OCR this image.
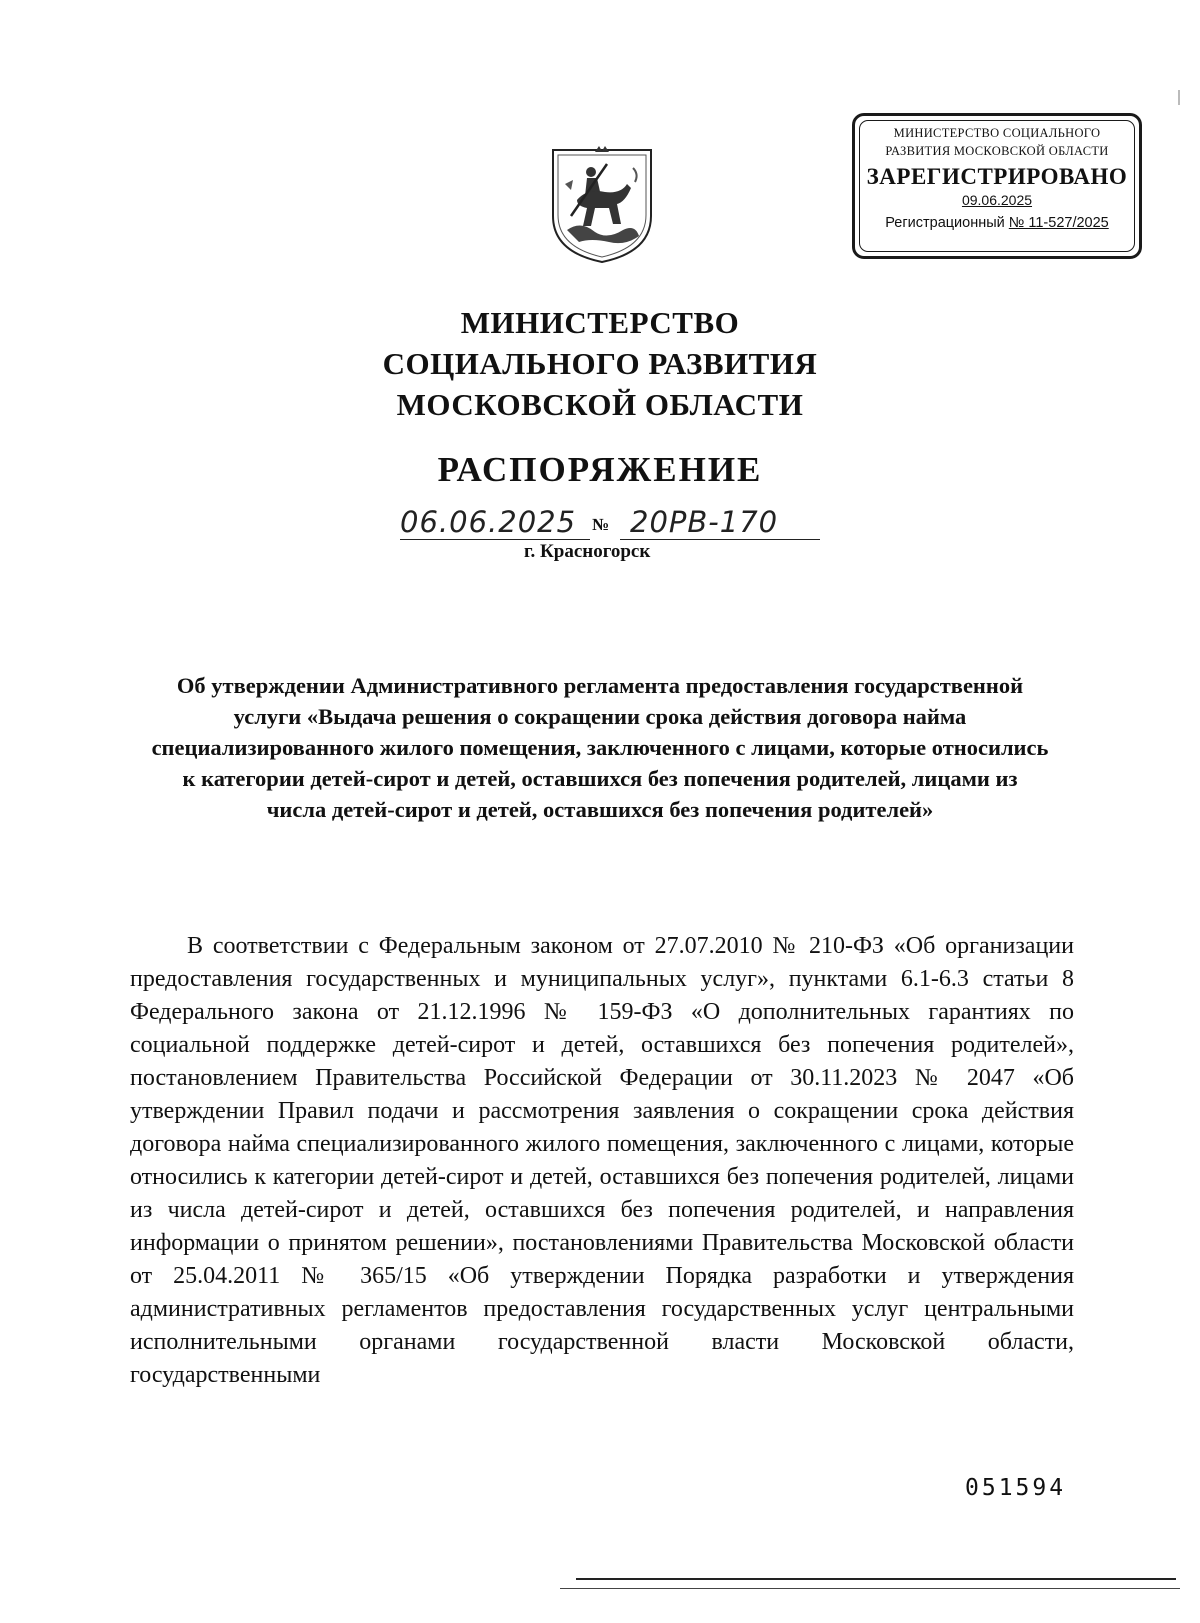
МИНИСТЕРСТВО СОЦИАЛЬНОГО
РАЗВИТИЯ МОСКОВСКОЙ ОБЛАСТИ
ЗАРЕГИСТРИРОВАНО
09.06.2025
Регистрационный № 11-527/2025
МИНИСТЕРСТВО
СОЦИАЛЬНОГО РАЗВИТИЯ
МОСКОВСКОЙ ОБЛАСТИ
РАСПОРЯЖЕНИЕ
06.06.2025 № 20РВ-170
г. Красногорск
Об утверждении Административного регламента предоставления государственной услуги «Выдача решения о сокращении срока действия договора найма специализированного жилого помещения, заключенного с лицами, которые относились к категории детей-сирот и детей, оставшихся без попечения родителей, лицами из числа детей-сирот и детей, оставшихся без попечения родителей»
В соответствии с Федеральным законом от 27.07.2010 № 210-ФЗ «Об организации предоставления государственных и муниципальных услуг», пунктами 6.1-6.3 статьи 8 Федерального закона от 21.12.1996 № 159-ФЗ «О дополнительных гарантиях по социальной поддержке детей-сирот и детей, оставшихся без попечения родителей», постановлением Правительства Российской Федерации от 30.11.2023 № 2047 «Об утверждении Правил подачи и рассмотрения заявления о сокращении срока действия договора найма специализированного жилого помещения, заключенного с лицами, которые относились к категории детей-сирот и детей, оставшихся без попечения родителей, лицами из числа детей-сирот и детей, оставшихся без попечения родителей, и направления информации о принятом решении», постановлениями Правительства Московской области от 25.04.2011 № 365/15 «Об утверждении Порядка разработки и утверждения административных регламентов предоставления государственных услуг центральными исполнительными органами государственной власти Московской области, государственными
051594
